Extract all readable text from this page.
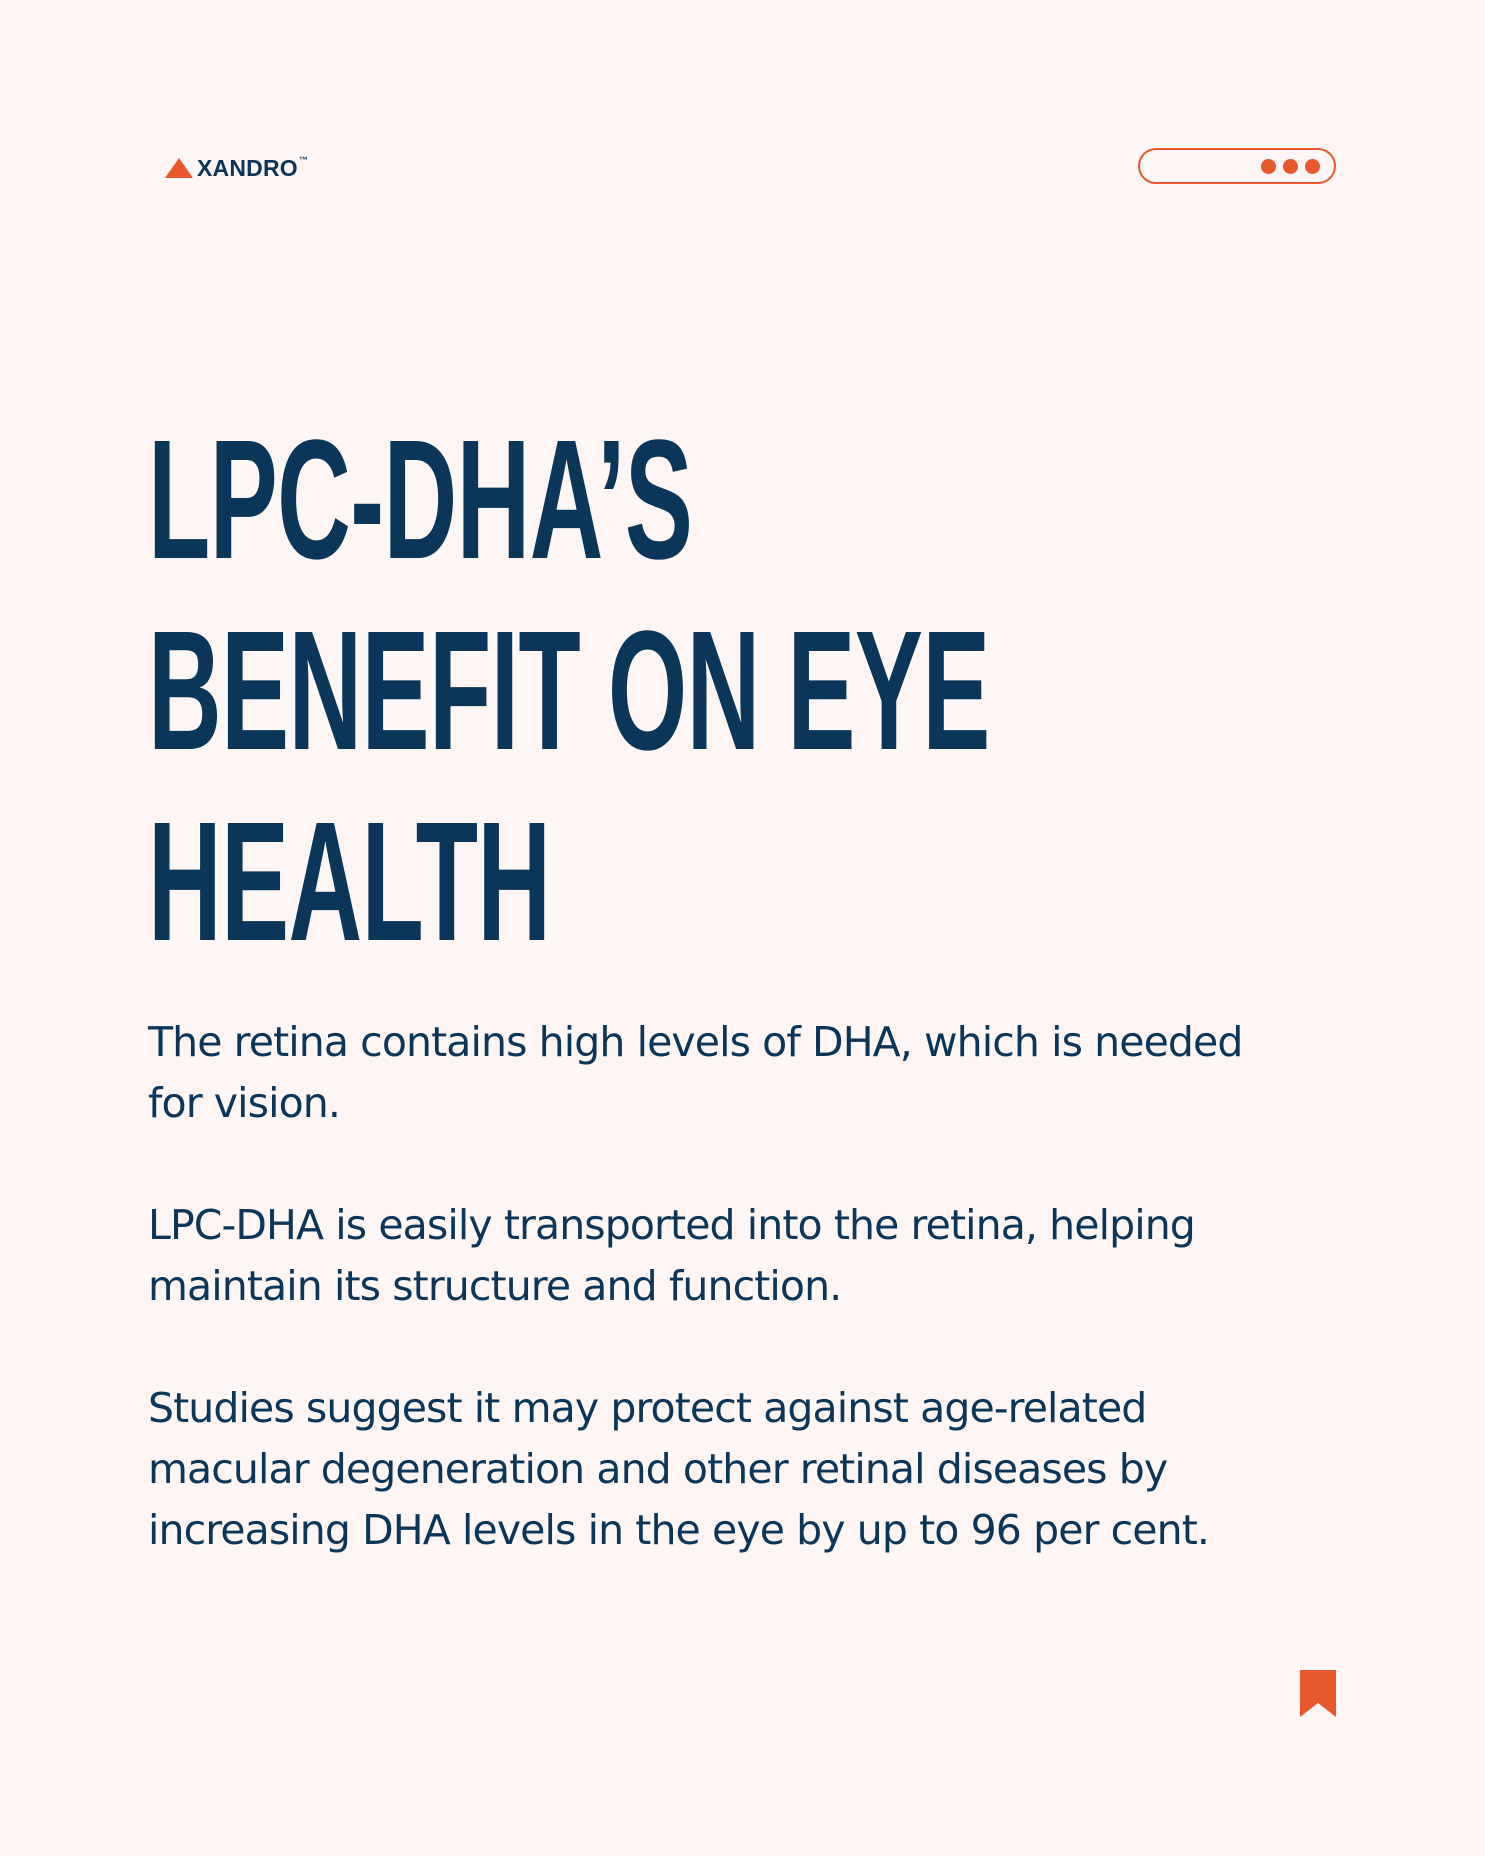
XANDRO ™
LPC-DHA’S
BENEFIT ON EYE
HEALTH

The retina contains high levels of DHA, which is needed for vision.

LPC-DHA is easily transported into the retina, helping maintain its structure and function.

Studies suggest it may protect against age-related macular degeneration and other retinal diseases by increasing DHA levels in the eye by up to 96 per cent.
